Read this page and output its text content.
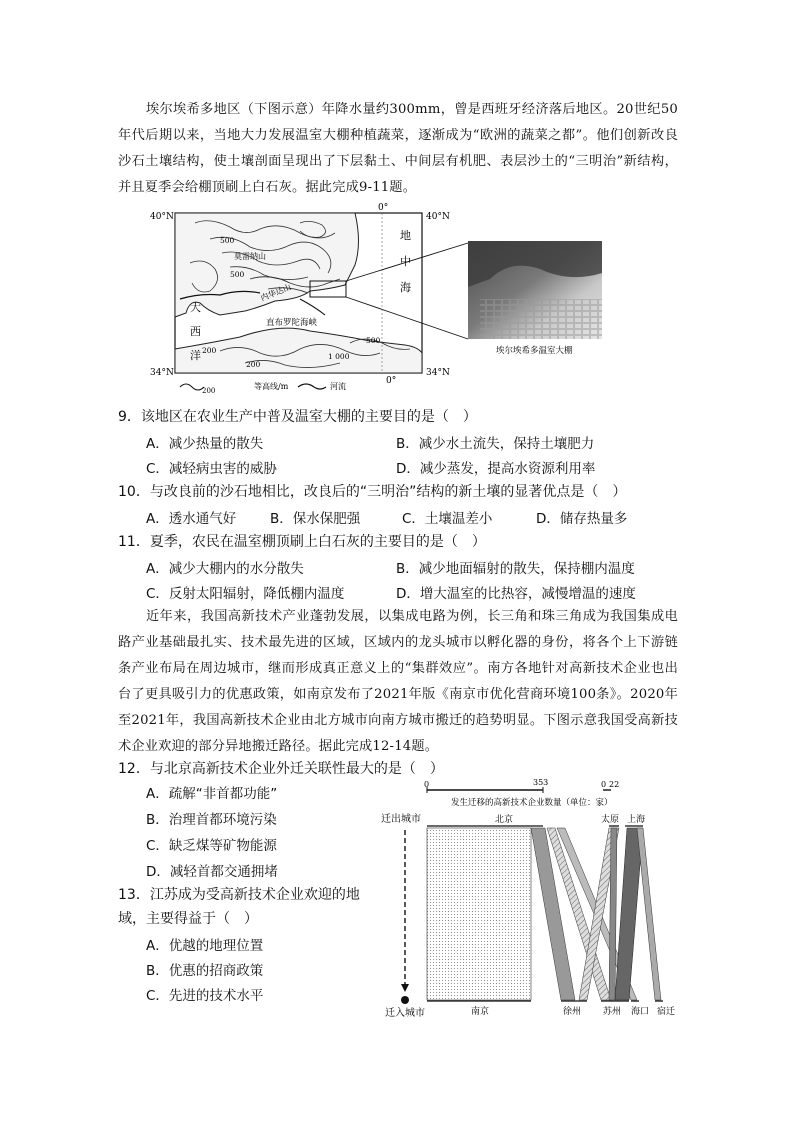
埃尔埃希多地区（下图示意）年降水量约300mm，曾是西班牙经济落后地区。20世纪50年代后期以来，当地大力发展温室大棚种植蔬菜，逐渐成为“欧洲的蔬菜之都”。他们创新改良沙石土壤结构，使土壤剖面呈现出了下层黏土、中间层有机肥、表层沙土的“三明治”新结构，并且夏季会给棚顶刷上白石灰。据此完成9-11题。
40°N	40°N
34°N	34°N
0°
0°
地
中
海
大
西
洋
莫雷纳山
内华达山
直布罗陀海峡
500
500
200
200
1 000
500
200	等高线/m	河流
埃尔埃希多温室大棚
9．该地区在农业生产中普及温室大棚的主要目的是（　）
A．减少热量的散失	B．减少水土流失，保持土壤肥力
C．减轻病虫害的威胁	D．减少蒸发，提高水资源利用率
10．与改良前的沙石地相比，改良后的“三明治”结构的新土壤的显著优点是（　）
A．透水通气好	B．保水保肥强	C．土壤温差小	D．储存热量多
11．夏季，农民在温室棚顶刷上白石灰的主要目的是（　）
A．减少大棚内的水分散失	B．减少地面辐射的散失，保持棚内温度
C．反射太阳辐射，降低棚内温度	D．增大温室的比热容，减慢增温的速度
近年来，我国高新技术产业蓬勃发展，以集成电路为例，长三角和珠三角成为我国集成电路产业基础最扎实、技术最先进的区域，区域内的龙头城市以孵化器的身份，将各个上下游链条产业布局在周边城市，继而形成真正意义上的“集群效应”。南方各地针对高新技术企业也出台了更具吸引力的优惠政策，如南京发布了2021年版《南京市优化营商环境100条》。2020年至2021年，我国高新技术企业由北方城市向南方城市搬迁的趋势明显。下图示意我国受高新技术企业欢迎的部分异地搬迁路径。据此完成12-14题。
12．与北京高新技术企业外迁关联性最大的是（　）
A．疏解“非首都功能”
B．治理首都环境污染
C．缺乏煤等矿物能源
D．减轻首都交通拥堵
13．江苏成为受高新技术企业欢迎的地
域，主要得益于（　）
A．优越的地理位置
B．优惠的招商政策
C．先进的技术水平
0	353	0 22
发生迁移的高新技术企业数量（单位：家）
迁出城市
迁入城市
北京	太原 上海
南京	徐州 苏州 海口 宿迁
